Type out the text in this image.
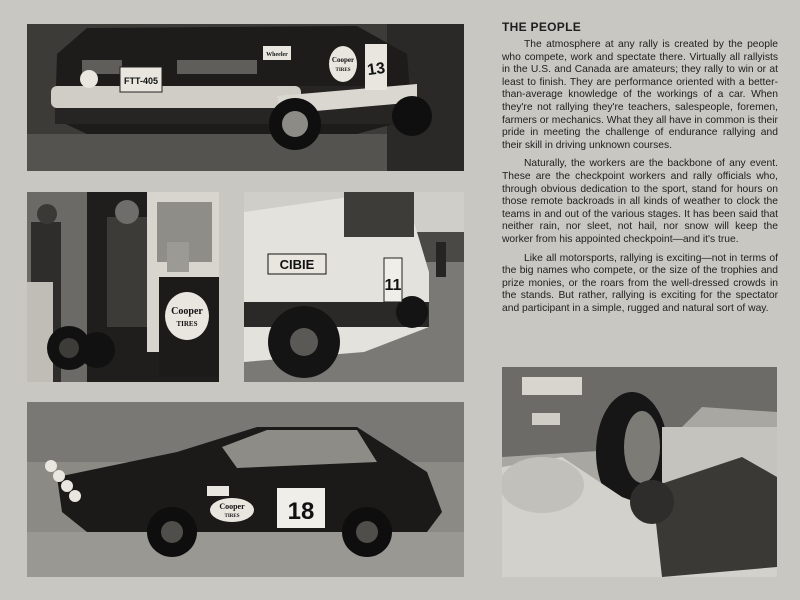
FTT-405
Wheeler
Cooper
TIRES 13
Cooper
TIRES
CIBIE
11
Cooper
TIRES 18
THE PEOPLE

The atmosphere at any rally is created by the people who compete, work and spectate there. Virtually all rallyists in the U.S. and Canada are amateurs; they rally to win or at least to finish. They are performance oriented with a better-than-average knowledge of the workings of a car. When they're not rallying they're teachers, salespeople, foremen, farmers or mechanics. What they all have in common is their pride in meeting the challenge of endurance rallying and their skill in driving unknown courses.

Naturally, the workers are the backbone of any event. These are the checkpoint workers and rally officials who, through obvious dedication to the sport, stand for hours on those remote backroads in all kinds of weather to clock the teams in and out of the various stages. It has been said that neither rain, nor sleet, not hail, nor snow will keep the worker from his appointed checkpoint—and it's true.

Like all motorsports, rallying is exciting—not in terms of the big names who compete, or the size of the trophies and prize monies, or the roars from the well-dressed crowds in the stands. But rather, rallying is exciting for the spectator and participant in a simple, rugged and natural sort of way.
